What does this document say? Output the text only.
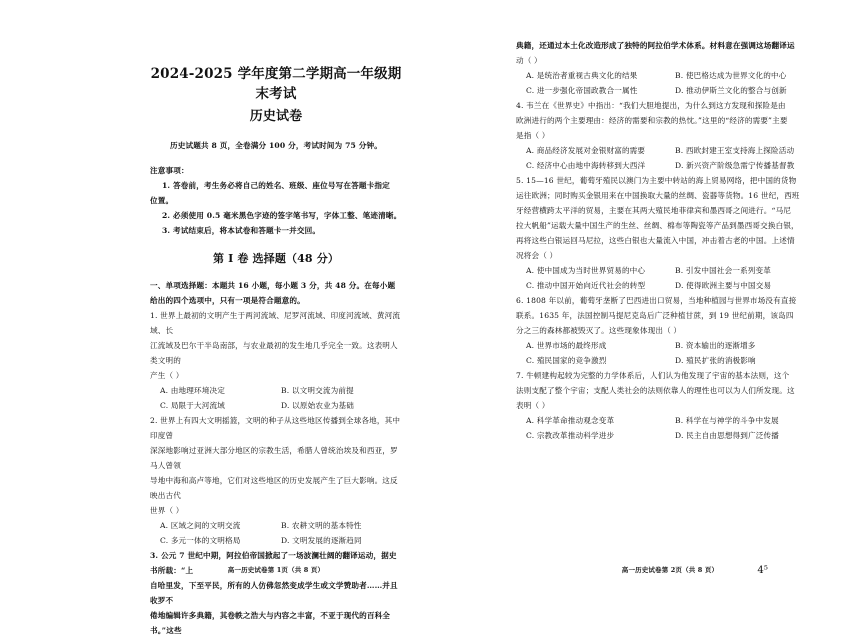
2024-2025 学年度第二学期高一年级期末考试

历史试卷

历史试题共 8 页，全卷满分 100 分，考试时间为 75 分钟。

注意事项：

1. 答卷前，考生务必将自己的姓名、班级、座位号写在答题卡指定

位置。

2. 必须使用 0.5 毫米黑色字迹的签字笔书写，字体工整、笔迹清晰。

3. 考试结束后，将本试卷和答题卡一并交回。

第 I 卷 选择题（48 分）

一、单项选择题：本题共 16 小题，每小题 3 分，共 48 分。在每小题

给出的四个选项中，只有一项是符合题意的。

1. 世界上最初的文明产生于两河流域、尼罗河流域、印度河流域、黄河流域、长

江流域及巴尔干半岛南部，与农业最初的发生地几乎完全一致。这表明人类文明的

产生（ ）

A. 由地理环境决定	B. 以文明交流为前提
C. 局限于大河流域	D. 以原始农业为基础

2. 世界上有四大文明摇篮，文明的种子从这些地区传播到全球各地，其中印度曾

深深地影响过亚洲大部分地区的宗教生活，希腊人曾统治埃及和西亚，罗马人曾领

导地中海和高卢等地，它们对这些地区的历史发展产生了巨大影响。这反映出古代

世界（ ）

A. 区域之间的文明交流	B. 农耕文明的基本特性
C. 多元一体的文明格局	D. 文明发展的逐渐趋同

3. 公元 7 世纪中期，阿拉伯帝国掀起了一场波澜壮阔的翻译运动，据史书所载：“上

自哈里发，下至平民，所有的人仿佛忽然变成学生或文学赞助者……并且收罗不

倦地编辑许多典籍，其卷帙之浩大与内容之丰富，不亚于现代的百科全书。”这些

高一历史试卷第 1页（共 8 页）

典籍，还通过本土化改造形成了独特的阿拉伯学术体系。材料意在强调这场翻译运

动（ ）

A. 是统治者重视古典文化的结果	B. 使巴格达成为世界文化的中心
C. 进一步强化帝国政教合一属性	D. 推动伊斯兰文化的整合与创新

4. 韦兰在《世界史》中指出：“我们大胆地提出，为什么到这方发现和探险是由

欧洲进行的两个主要理由：经济的需要和宗教的热忱。”这里的“经济的需要”主要

是指（ ）

A. 商品经济发展对金银财富的需要	B. 西欧封建王室支持海上探险活动
C. 经济中心由地中海转移到大西洋	D. 新兴资产阶级急需宁传播基督教

5. 15—16 世纪，葡萄牙殖民以澳门为主要中转站的海上贸易网络，把中国的货物

运往欧洲；同时购买金银用来在中国换取大量的丝绸、瓷器等货物。16 世纪，西班

牙经营横跨太平洋的贸易，主要在其两大殖民地菲律宾和墨西哥之间进行。“马尼

拉大帆船”运载大量中国生产的生丝、丝绸、棉布等陶瓷等产品到墨西哥交换白银，

再将这些白银运回马尼拉，这些白银也大量流入中国，冲击着古老的中国。上述情

况将会（ ）

A. 使中国成为当时世界贸易的中心	B. 引发中国社会一系列变革
C. 推动中国开始向近代社会的转型	D. 使得欧洲主要与中国交易

6. 1808 年以前，葡萄牙垄断了巴西进出口贸易，当地种植园与世界市场没有直接

联系。1635 年，法国控制马提尼克岛后广泛种植甘蔗，到 19 世纪前期，该岛四

分之三的森林都被毁灭了。这些现象体现出（ ）

A. 世界市场的最终形成	B. 资本输出的逐渐增多
C. 殖民国家的竞争激烈	D. 殖民扩张的消极影响

7. 牛顿建构起较为完整的力学体系后，人们认为他发现了宇宙的基本法则，这个

法则支配了整个宇宙；支配人类社会的法则依靠人的理性也可以为人们所发现。这

表明（ ）

A. 科学革命推动观念变革	B. 科学在与神学的斗争中发展
C. 宗教改革推动科学进步	D. 民主自由思想得到广泛传播
高一历史试卷第 2页（共 8 页）	4⁵
